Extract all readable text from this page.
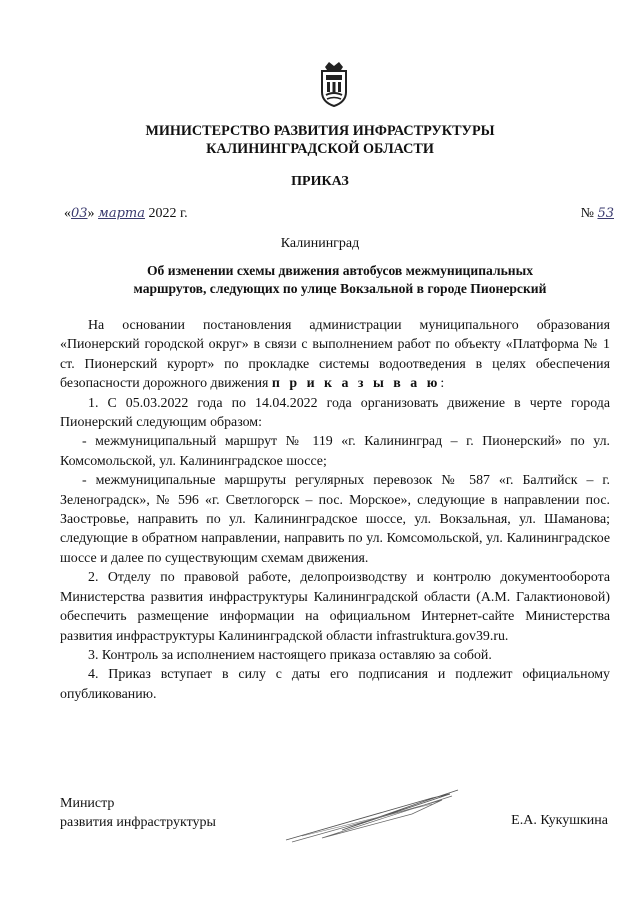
МИНИСТЕРСТВО РАЗВИТИЯ ИНФРАСТРУКТУРЫ
КАЛИНИНГРАДСКОЙ ОБЛАСТИ
ПРИКАЗ
«03» марта 2022 г.	№ 53
Калининград
Об изменении схемы движения автобусов межмуниципальных
маршрутов, следующих по улице Вокзальной в городе Пионерский

На основании постановления администрации муниципального образования «Пионерский городской округ» в связи с выполнением работ по объекту «Платформа № 1 ст. Пионерский курорт» по прокладке системы водоотведения в целях обеспечения безопасности дорожного движения п р и к а з ы в а ю:

1. С 05.03.2022 года по 14.04.2022 года организовать движение в черте города Пионерский следующим образом:

- межмуниципальный маршрут № 119 «г. Калининград – г. Пионерский» по ул. Комсомольской, ул. Калининградское шоссе;

- межмуниципальные маршруты регулярных перевозок № 587 «г. Балтийск – г. Зеленоградск», № 596 «г. Светлогорск – пос. Морское», следующие в направлении пос. Заостровье, направить по ул. Калининградское шоссе, ул. Вокзальная, ул. Шаманова; следующие в обратном направлении, направить по ул. Комсомольской, ул. Калининградское шоссе и далее по существующим схемам движения.

2. Отделу по правовой работе, делопроизводству и контролю документооборота Министерства развития инфраструктуры Калининградской области (А.М. Галактионовой) обеспечить размещение информации на официальном Интернет-сайте Министерства развития инфраструктуры Калининградской области infrastruktura.gov39.ru.

3. Контроль за исполнением настоящего приказа оставляю за собой.

4. Приказ вступает в силу с даты его подписания и подлежит официальному опубликованию.

Министр
развития инфраструктуры	Е.А. Кукушкина
